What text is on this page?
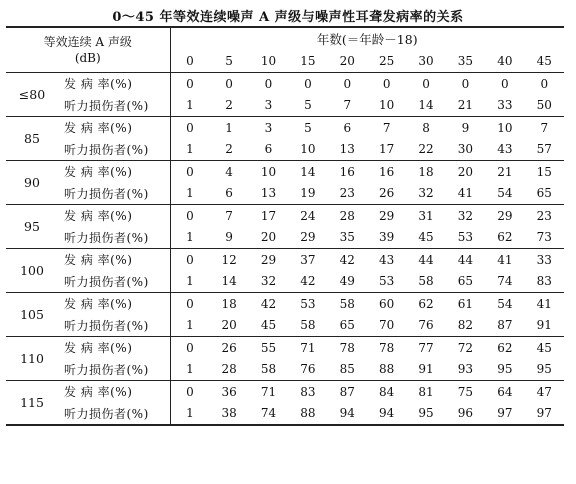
0～45 年等效连续噪声 A 声级与噪声性耳聋发病率的关系
等效连续 A 声级
(dB)		年数(＝年龄－18)									
		0	5	10	15	20	25	30	35	40	45
≤80	发 病 率(%)	0	0	0	0	0	0	0	0	0	0
	听力损伤者(%)	1	2	3	5	7	10	14	21	33	50
85	发 病 率(%)	0	1	3	5	6	7	8	9	10	7
	听力损伤者(%)	1	2	6	10	13	17	22	30	43	57
90	发 病 率(%)	0	4	10	14	16	16	18	20	21	15
	听力损伤者(%)	1	6	13	19	23	26	32	41	54	65
95	发 病 率(%)	0	7	17	24	28	29	31	32	29	23
	听力损伤者(%)	1	9	20	29	35	39	45	53	62	73
100	发 病 率(%)	0	12	29	37	42	43	44	44	41	33
	听力损伤者(%)	1	14	32	42	49	53	58	65	74	83
105	发 病 率(%)	0	18	42	53	58	60	62	61	54	41
	听力损伤者(%)	1	20	45	58	65	70	76	82	87	91
110	发 病 率(%)	0	26	55	71	78	78	77	72	62	45
	听力损伤者(%)	1	28	58	76	85	88	91	93	95	95
115	发 病 率(%)	0	36	71	83	87	84	81	75	64	47
	听力损伤者(%)	1	38	74	88	94	94	95	96	97	97
